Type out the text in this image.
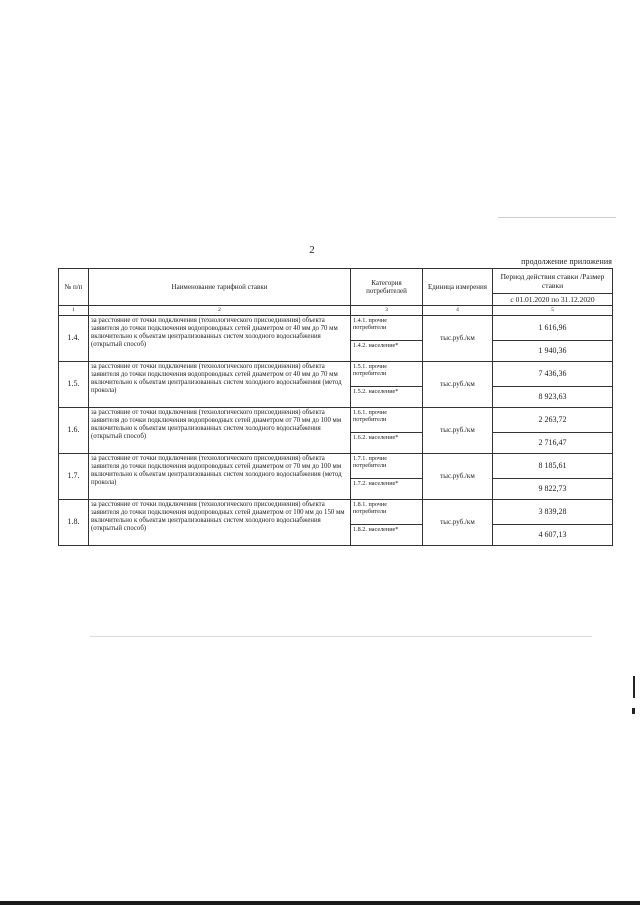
2
продолжение приложения
№ п/п	Наименование тарифной ставки	Категория потребителей	Единица измерения	Период действия ставки /Размер ставки
				с 01.01.2020 по 31.12.2020
1	2	3	4	5
1.4.	за расстояние от точки подключения (технологического присоединения) объекта заявителя до точки подключения водопроводных сетей диаметром от 40 мм до 70 мм включительно к объектам централизованных систем холодного водоснабжения (открытый способ)	1.4.1. прочие потребители	тыс.руб./км	1 616,96
		1.4.2. население*		1 940,36
1.5.	за расстояние от точки подключения (технологического присоединения) объекта заявителя до точки подключения водопроводных сетей диаметром от 40 мм до 70 мм включительно к объектам централизованных систем холодного водоснабжения (метод прокола)	1.5.1. прочие потребители	тыс.руб./км	7 436,36
		1.5.2. население*		8 923,63
1.6.	за расстояние от точки подключения (технологического присоединения) объекта заявителя до точки подключения водопроводных сетей диаметром от 70 мм до 100 мм включительно к объектам централизованных систем холодного водоснабжения (открытый способ)	1.6.1. прочие потребители	тыс.руб./км	2 263,72
		1.6.2. население*		2 716,47
1.7.	за расстояние от точки подключения (технологического присоединения) объекта заявителя до точки подключения водопроводных сетей диаметром от 70 мм до 100 мм включительно к объектам централизованных систем холодного водоснабжения (метод прокола)	1.7.1. прочие потребители	тыс.руб./км	8 185,61
		1.7.2. население*		9 822,73
1.8.	за расстояние от точки подключения (технологического присоединения) объекта заявителя до точки подключения водопроводных сетей диаметром от 100 мм до 150 мм включительно к объектам централизованных систем холодного водоснабжения (открытый способ)	1.8.1. прочие потребители	тыс.руб./км	3 839,28
		1.8.2. население*		4 607,13
